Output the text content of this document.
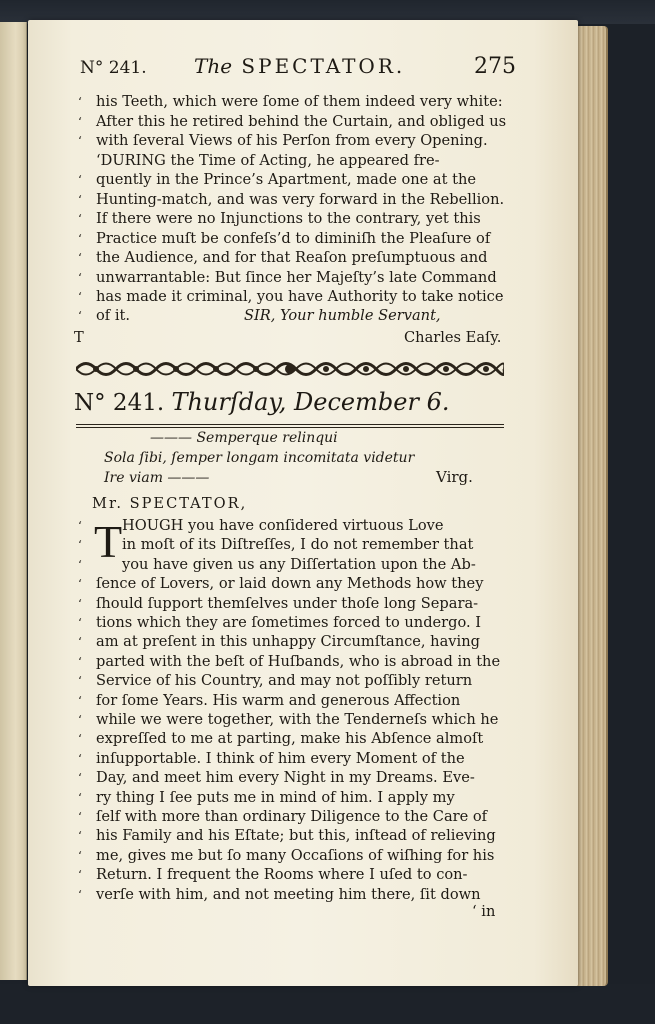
N° 241. The SPECTATOR.	275
‘ his Teeth, which were ſome of them indeed very white:
‘ After this he retired behind the Curtain, and obliged us
‘ with ſeveral Views of his Perſon from every Opening.
‘DURING the Time of Acting, he appeared fre-
‘ quently in the Prince’s Apartment, made one at the
‘ Hunting-match, and was very forward in the Rebellion.
‘ If there were no Injunctions to the contrary, yet this
‘ Practice muſt be confeſs’d to diminiſh the Pleaſure of
‘ the Audience, and for that Reaſon preſumptuous and
‘ unwarrantable: But ſince her Majeſty’s late Command
‘ has made it criminal, you have Authority to take notice
‘ of it.	SIR, Your humble Servant,
T	Charles Eaſy.
N° 241. Thurſday, December 6.
——— Semperque relinqui
Sola ſibi, ſemper longam incomitata videtur
Ire viam ———	Virg.
Mr. SPECTATOR,
T
‘	HOUGH you have conſidered virtuous Love
‘	in moſt of its Diſtreſſes, I do not remember that
‘	you have given us any Diſſertation upon the Ab-
‘ ſence of Lovers, or laid down any Methods how they
‘ ſhould ſupport themſelves under thoſe long Separa-
‘ tions which they are ſometimes forced to undergo. I
‘ am at preſent in this unhappy Circumſtance, having
‘ parted with the beſt of Huſbands, who is abroad in the
‘ Service of his Country, and may not poſſibly return
‘ for ſome Years. His warm and generous Affection
‘ while we were together, with the Tenderneſs which he
‘ expreſſed to me at parting, make his Abſence almoſt
‘ inſupportable. I think of him every Moment of the
‘ Day, and meet him every Night in my Dreams. Eve-
‘ ry thing I ſee puts me in mind of him. I apply my
‘ ſelf with more than ordinary Diligence to the Care of
‘ his Family and his Eſtate; but this, inſtead of relieving
‘ me, gives me but ſo many Occaſions of wiſhing for his
‘ Return. I frequent the Rooms where I uſed to con-
‘ verſe with him, and not meeting him there, ſit down
‘ in
